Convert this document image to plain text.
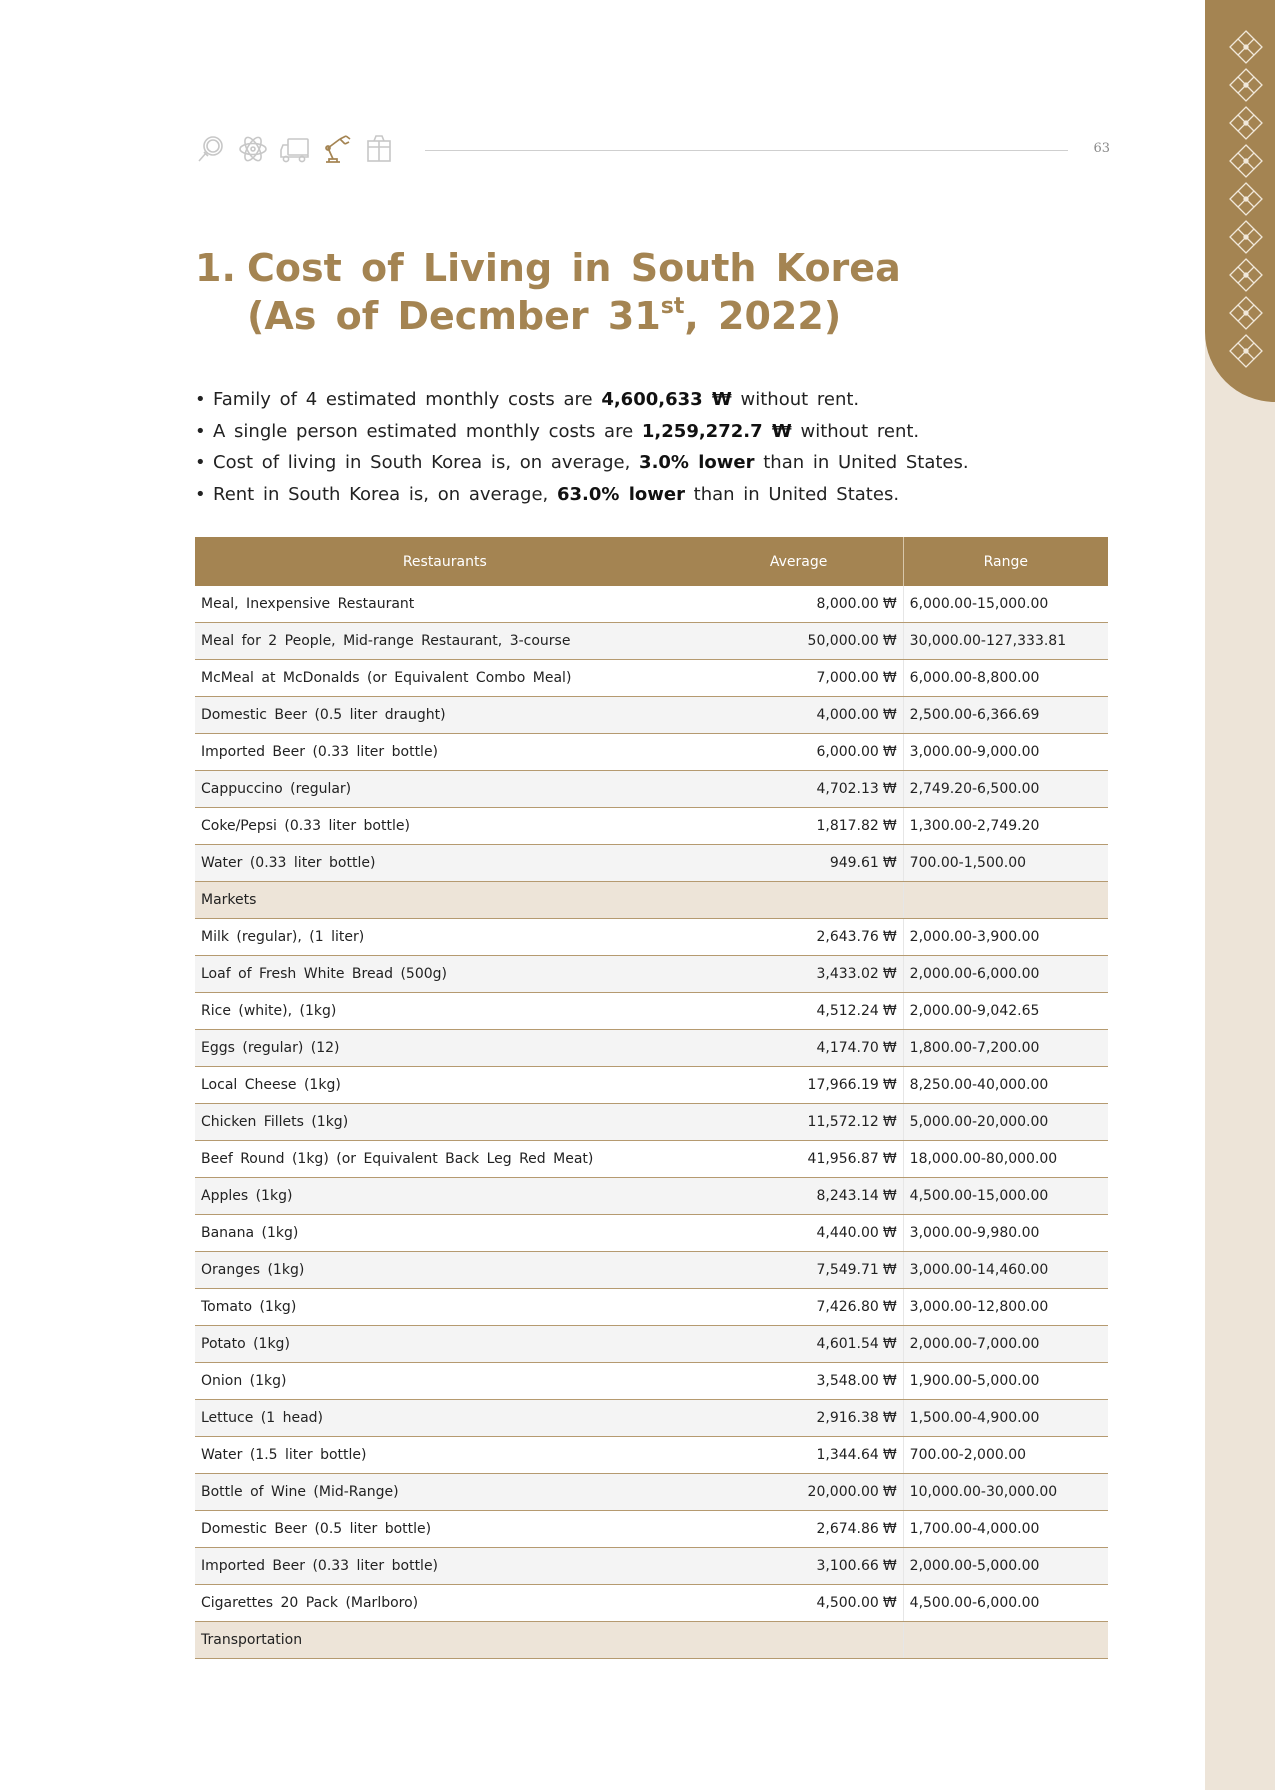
63
1. Cost of Living in South Korea
(As of Decmber 31st, 2022)
• Family of 4 estimated monthly costs are 4,600,633 ₩ without rent.
• A single person estimated monthly costs are 1,259,272.7 ₩ without rent.
• Cost of living in South Korea is, on average, 3.0% lower than in United States.
• Rent in South Korea is, on average, 63.0% lower than in United States.
Restaurants	Average	Range
Meal, Inexpensive Restaurant	8,000.00 ₩	6,000.00-15,000.00
Meal for 2 People, Mid-range Restaurant, 3-course	50,000.00 ₩	30,000.00-127,333.81
McMeal at McDonalds (or Equivalent Combo Meal)	7,000.00 ₩	6,000.00-8,800.00
Domestic Beer (0.5 liter draught)	4,000.00 ₩	2,500.00-6,366.69
Imported Beer (0.33 liter bottle)	6,000.00 ₩	3,000.00-9,000.00
Cappuccino (regular)	4,702.13 ₩	2,749.20-6,500.00
Coke/Pepsi (0.33 liter bottle)	1,817.82 ₩	1,300.00-2,749.20
Water (0.33 liter bottle)	949.61 ₩	700.00-1,500.00
Markets		
Milk (regular), (1 liter)	2,643.76 ₩	2,000.00-3,900.00
Loaf of Fresh White Bread (500g)	3,433.02 ₩	2,000.00-6,000.00
Rice (white), (1kg)	4,512.24 ₩	2,000.00-9,042.65
Eggs (regular) (12)	4,174.70 ₩	1,800.00-7,200.00
Local Cheese (1kg)	17,966.19 ₩	8,250.00-40,000.00
Chicken Fillets (1kg)	11,572.12 ₩	5,000.00-20,000.00
Beef Round (1kg) (or Equivalent Back Leg Red Meat)	41,956.87 ₩	18,000.00-80,000.00
Apples (1kg)	8,243.14 ₩	4,500.00-15,000.00
Banana (1kg)	4,440.00 ₩	3,000.00-9,980.00
Oranges (1kg)	7,549.71 ₩	3,000.00-14,460.00
Tomato (1kg)	7,426.80 ₩	3,000.00-12,800.00
Potato (1kg)	4,601.54 ₩	2,000.00-7,000.00
Onion (1kg)	3,548.00 ₩	1,900.00-5,000.00
Lettuce (1 head)	2,916.38 ₩	1,500.00-4,900.00
Water (1.5 liter bottle)	1,344.64 ₩	700.00-2,000.00
Bottle of Wine (Mid-Range)	20,000.00 ₩	10,000.00-30,000.00
Domestic Beer (0.5 liter bottle)	2,674.86 ₩	1,700.00-4,000.00
Imported Beer (0.33 liter bottle)	3,100.66 ₩	2,000.00-5,000.00
Cigarettes 20 Pack (Marlboro)	4,500.00 ₩	4,500.00-6,000.00
Transportation		
